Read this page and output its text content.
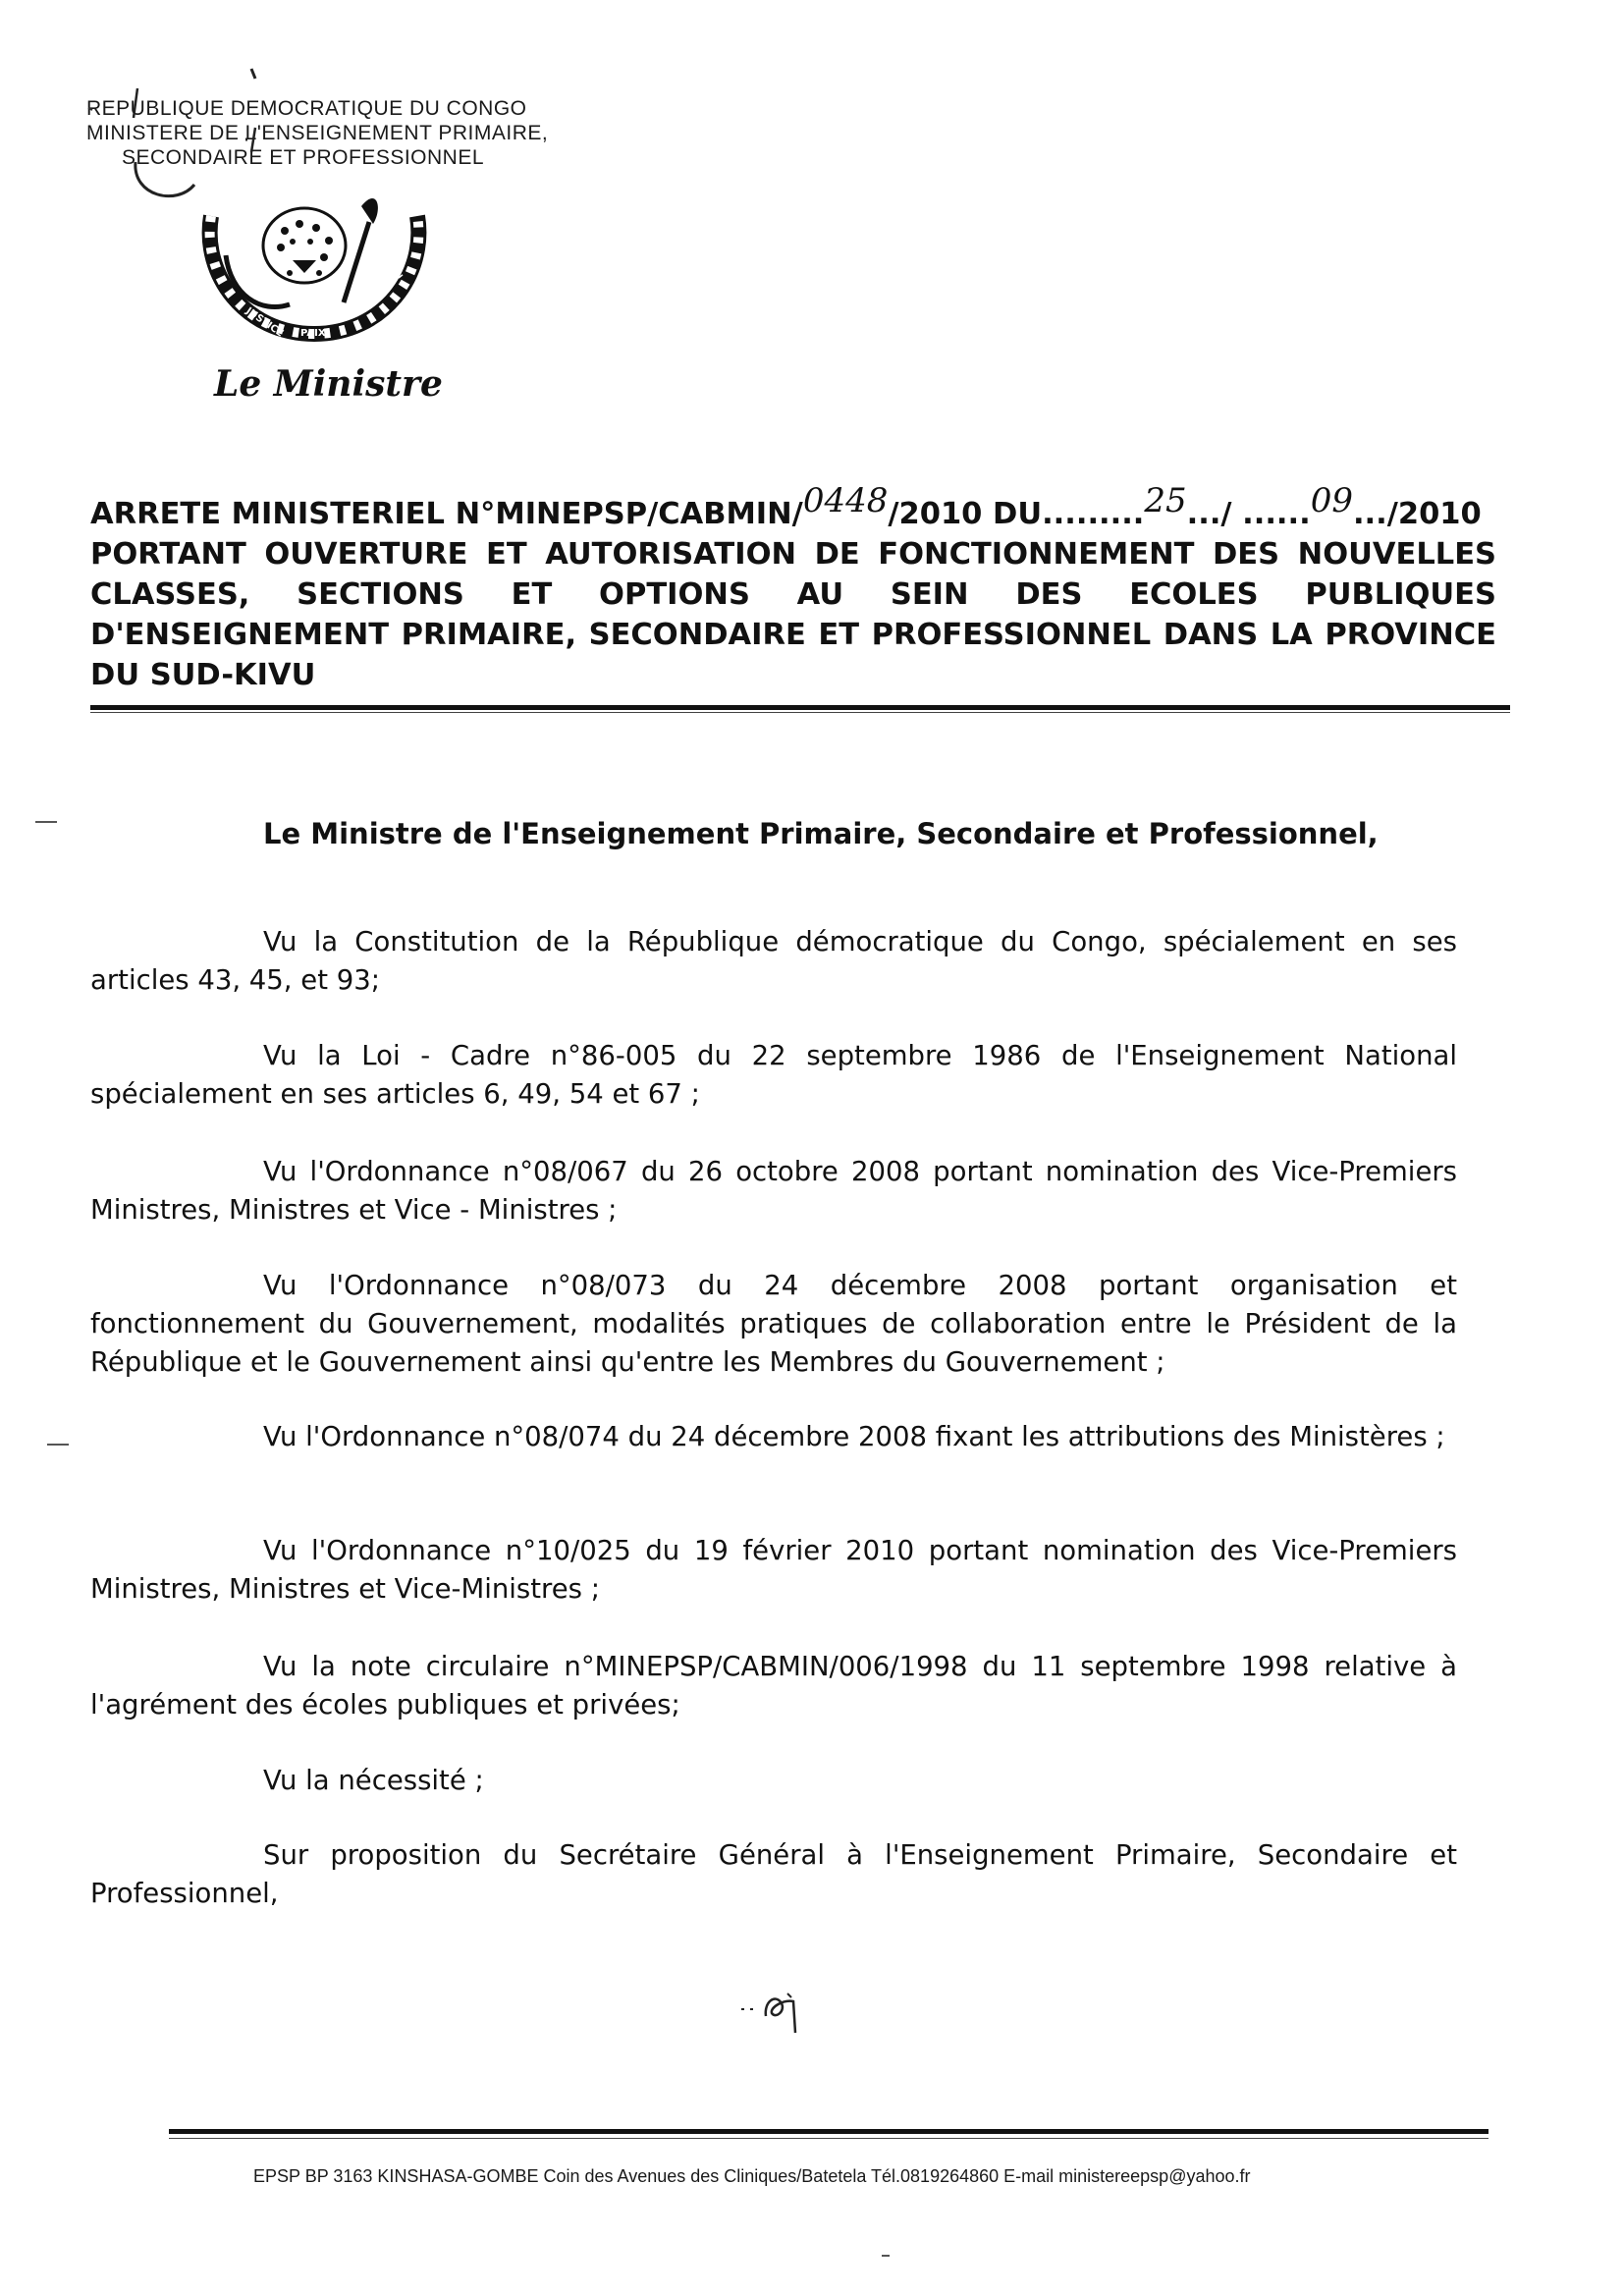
REPUBLIQUE DEMOCRATIQUE DU CONGO
MINISTERE DE L'ENSEIGNEMENT PRIMAIRE,
SECONDAIRE ET PROFESSIONNEL
JUSTICE PAIX
TRAVAIL
Le Ministre
ARRETE MINISTERIEL N°MINEPSP/CABMIN/0448/2010 DU.........25.../ ......09.../2010
PORTANT OUVERTURE ET AUTORISATION DE FONCTIONNEMENT DES NOUVELLES CLASSES, SECTIONS ET OPTIONS AU SEIN DES ECOLES PUBLIQUES D'ENSEIGNEMENT PRIMAIRE, SECONDAIRE ET PROFESSIONNEL DANS LA PROVINCE DU SUD-KIVU
Le Ministre de l'Enseignement Primaire, Secondaire et Professionnel,
Vu la Constitution de la République démocratique du Congo, spécialement en ses articles 43, 45, et 93;
Vu la Loi - Cadre n°86-005 du 22 septembre 1986 de l'Enseignement National spécialement en ses articles 6, 49, 54 et 67 ;
Vu l'Ordonnance n°08/067 du 26 octobre 2008 portant nomination des Vice-Premiers Ministres, Ministres et Vice - Ministres ;
Vu l'Ordonnance n°08/073 du 24 décembre 2008 portant organisation et fonctionnement du Gouvernement, modalités pratiques de collaboration entre le Président de la République et le Gouvernement ainsi qu'entre les Membres du Gouvernement ;
Vu l'Ordonnance n°08/074 du 24 décembre 2008 fixant les attributions des Ministères ;
Vu l'Ordonnance n°10/025 du 19 février 2010 portant nomination des Vice-Premiers Ministres, Ministres et Vice-Ministres ;
Vu la note circulaire n°MINEPSP/CABMIN/006/1998 du 11 septembre 1998 relative à l'agrément des écoles publiques et privées;
Vu la nécessité ;
Sur proposition du Secrétaire Général à l'Enseignement Primaire, Secondaire et Professionnel,
EPSP BP 3163 KINSHASA-GOMBE Coin des Avenues des Cliniques/Batetela Tél.0819264860 E-mail ministereepsp@yahoo.fr
